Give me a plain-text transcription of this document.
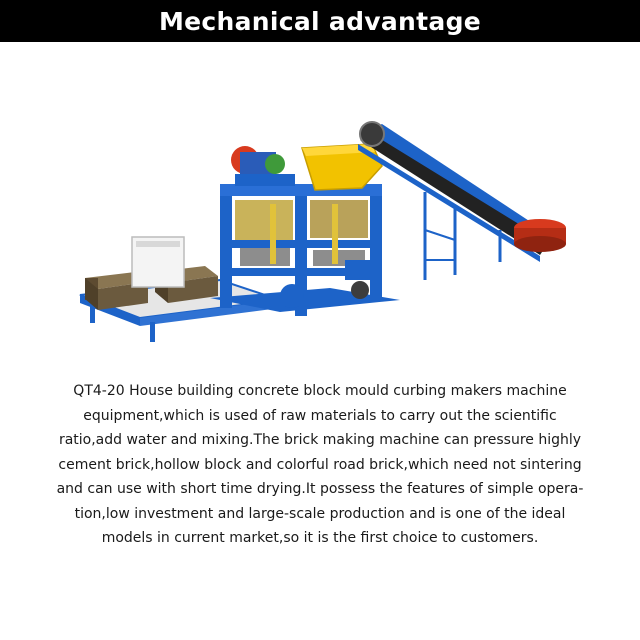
Mechanical advantage

QT4-20 House building concrete block mould curbing makers machine
equipment,which is used of raw materials to carry out the scientific
ratio,add water and mixing.The brick making machine can pressure highly
cement brick,hollow block and colorful road brick,which need not sintering
and can use with short time drying.It possess the features of simple opera-
tion,low investment and large-scale production and is one of the ideal
models in current market,so it is the first choice to customers.
